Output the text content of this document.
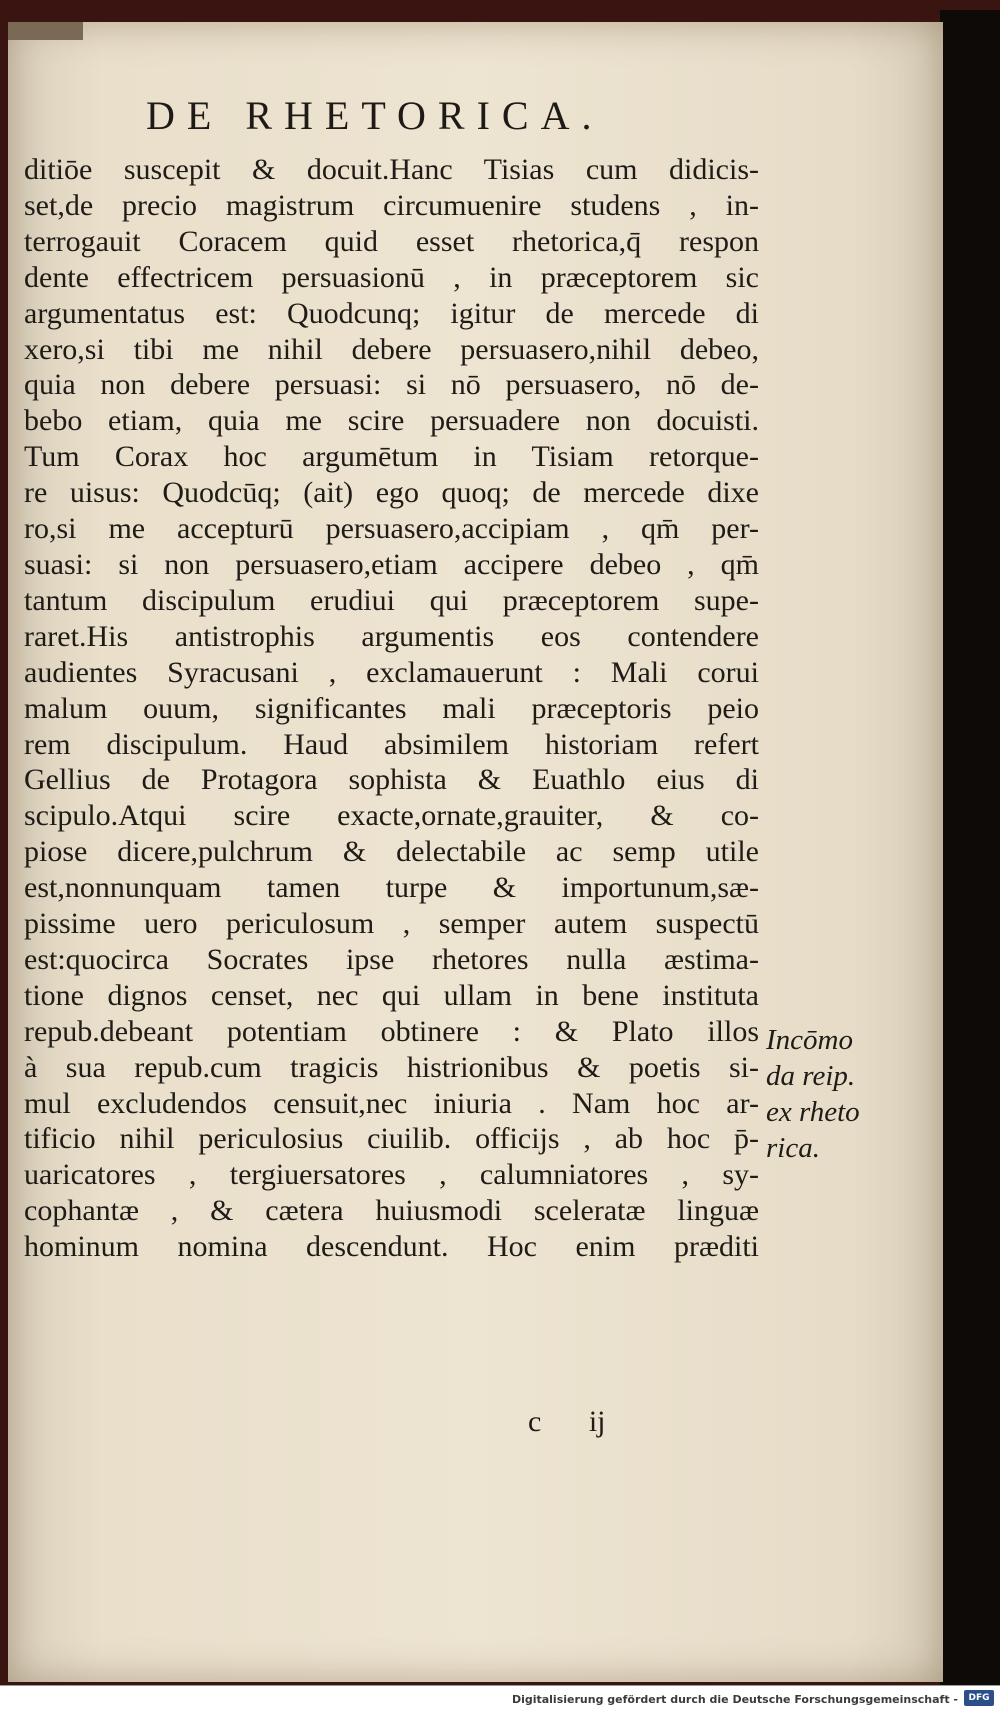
DE RHETORICA.
ditiōe suscepit & docuit.Hanc Tisias cum didicis-
set,de precio magistrum circumuenire studens , in-
terrogauit Coracem quid esset rhetorica,q̄ respon
dente effectricem persuasionū , in præceptorem sic
argumentatus est: Quodcunq; igitur de mercede di
xero,si tibi me nihil debere persuasero,nihil debeo,
quia non debere persuasi: si nō persuasero, nō de-
bebo etiam, quia me scire persuadere non docuisti.
Tum Corax hoc argumētum in Tisiam retorque-
re uisus: Quodcūq; (ait) ego quoq; de mercede dixe
ro,si me accepturū persuasero,accipiam , qm̄ per-
suasi: si non persuasero,etiam accipere debeo , qm̄
tantum discipulum erudiui qui præceptorem supe-
raret.His antistrophis argumentis eos contendere
audientes Syracusani , exclamauerunt : Mali corui
malum ouum, significantes mali præceptoris peio
rem discipulum. Haud absimilem historiam refert
Gellius de Protagora sophista & Euathlo eius di
scipulo.Atqui scire exacte,ornate,grauiter, & co-
piose dicere,pulchrum & delectabile ac semp utile
est,nonnunquam tamen turpe & importunum,sæ-
pissime uero periculosum , semper autem suspectū
est:quocirca Socrates ipse rhetores nulla æstima-
tione dignos censet, nec qui ullam in bene instituta
repub.debeant potentiam obtinere : & Plato illos
à sua repub.cum tragicis histrionibus & poetis si-
mul excludendos censuit,nec iniuria . Nam hoc ar-
tificio nihil periculosius ciuilib. officijs , ab hoc p̄-
uaricatores , tergiuersatores , calumniatores , sy-
cophantæ , & cætera huiusmodi sceleratæ linguæ
hominum nomina descendunt. Hoc enim præditi
Incōmo
da reip.
ex rheto
rica.
c ij
Digitalisierung gefördert durch die Deutsche Forschungsgemeinschaft -	DFG
